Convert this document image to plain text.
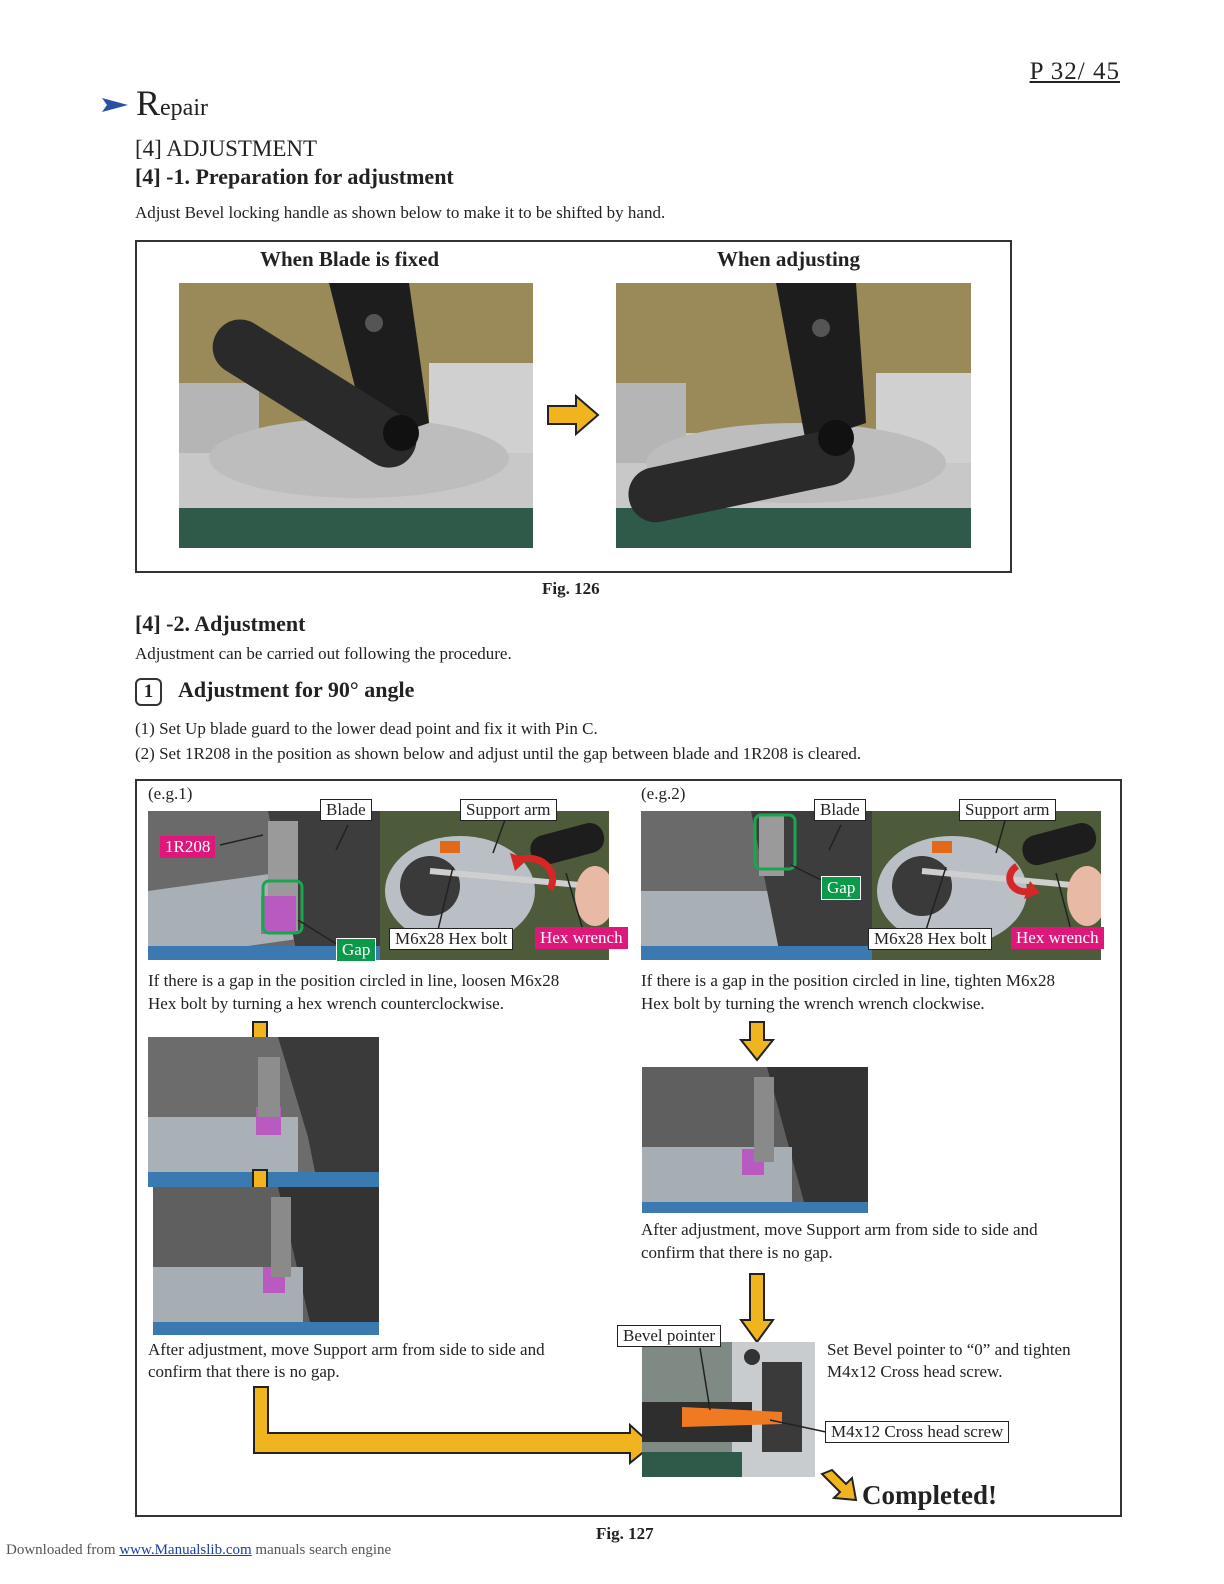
P 32/ 45
Repair
[4] ADJUSTMENT
[4] -1. Preparation for adjustment
Adjust Bevel locking handle as shown below to make it to be shifted by hand.
When Blade is fixed	When adjusting
Fig. 126
[4] -2. Adjustment
Adjustment can be carried out following the procedure.
1	Adjustment for 90° angle
(1) Set Up blade guard to the lower dead point and fix it with Pin C.
(2) Set 1R208 in the position as shown below and adjust until the gap between blade and 1R208 is cleared.
(e.g.1)
Blade	Support arm
1R208
Gap
M6x28 Hex bolt	Hex wrench
If there is a gap in the position circled in line, loosen M6x28
Hex bolt by turning a hex wrench counterclockwise.
After adjustment, move Support arm from side to side and
confirm that there is no gap.
(e.g.2)
Blade	Support arm
Gap
M6x28 Hex bolt	Hex wrench
If there is a gap in the position circled in line, tighten M6x28
Hex bolt by turning the wrench wrench clockwise.
After adjustment, move Support arm from side to side and
confirm that there is no gap.
Bevel pointer
M4x12 Cross head screw
Set Bevel pointer to “0” and tighten
M4x12 Cross head screw.
Completed!
Fig. 127
Downloaded from www.Manualslib.com manuals search engine
